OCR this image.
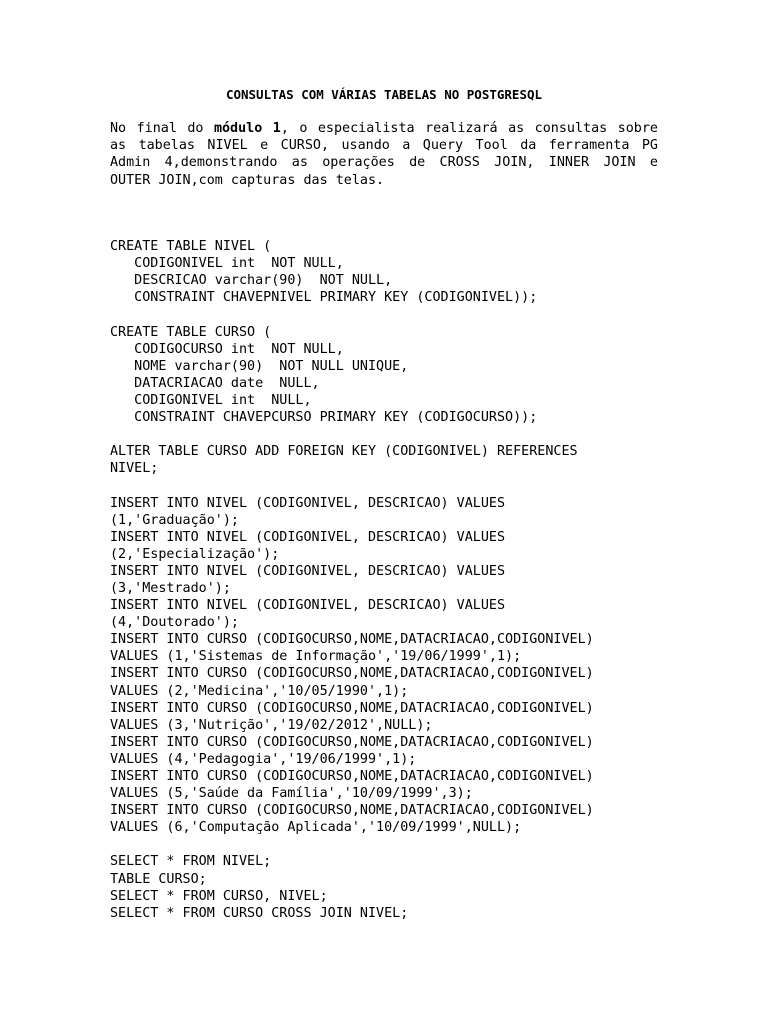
CONSULTAS COM VÁRIAS TABELAS NO POSTGRESQL
No final do módulo 1, o especialista realizará as consultas sobre
as tabelas NIVEL e CURSO, usando a Query Tool da ferramenta PG
Admin 4,demonstrando as operações de CROSS JOIN, INNER JOIN e
OUTER JOIN,com capturas das telas.

CREATE TABLE NIVEL (
CODIGONIVEL int  NOT NULL,
DESCRICAO varchar(90)  NOT NULL,
CONSTRAINT CHAVEPNIVEL PRIMARY KEY (CODIGONIVEL));

CREATE TABLE CURSO (
CODIGOCURSO int  NOT NULL,
NOME varchar(90)  NOT NULL UNIQUE,
DATACRIACAO date  NULL,
CODIGONIVEL int  NULL,
CONSTRAINT CHAVEPCURSO PRIMARY KEY (CODIGOCURSO));

ALTER TABLE CURSO ADD FOREIGN KEY (CODIGONIVEL) REFERENCES
NIVEL;

INSERT INTO NIVEL (CODIGONIVEL, DESCRICAO) VALUES
(1,'Graduação');
INSERT INTO NIVEL (CODIGONIVEL, DESCRICAO) VALUES
(2,'Especialização');
INSERT INTO NIVEL (CODIGONIVEL, DESCRICAO) VALUES
(3,'Mestrado');
INSERT INTO NIVEL (CODIGONIVEL, DESCRICAO) VALUES
(4,'Doutorado');
INSERT INTO CURSO (CODIGOCURSO,NOME,DATACRIACAO,CODIGONIVEL)
VALUES (1,'Sistemas de Informação','19/06/1999',1);
INSERT INTO CURSO (CODIGOCURSO,NOME,DATACRIACAO,CODIGONIVEL)
VALUES (2,'Medicina','10/05/1990',1);
INSERT INTO CURSO (CODIGOCURSO,NOME,DATACRIACAO,CODIGONIVEL)
VALUES (3,'Nutrição','19/02/2012',NULL);
INSERT INTO CURSO (CODIGOCURSO,NOME,DATACRIACAO,CODIGONIVEL)
VALUES (4,'Pedagogia','19/06/1999',1);
INSERT INTO CURSO (CODIGOCURSO,NOME,DATACRIACAO,CODIGONIVEL)
VALUES (5,'Saúde da Família','10/09/1999',3);
INSERT INTO CURSO (CODIGOCURSO,NOME,DATACRIACAO,CODIGONIVEL)
VALUES (6,'Computação Aplicada','10/09/1999',NULL);

SELECT * FROM NIVEL;
TABLE CURSO;
SELECT * FROM CURSO, NIVEL;
SELECT * FROM CURSO CROSS JOIN NIVEL;
